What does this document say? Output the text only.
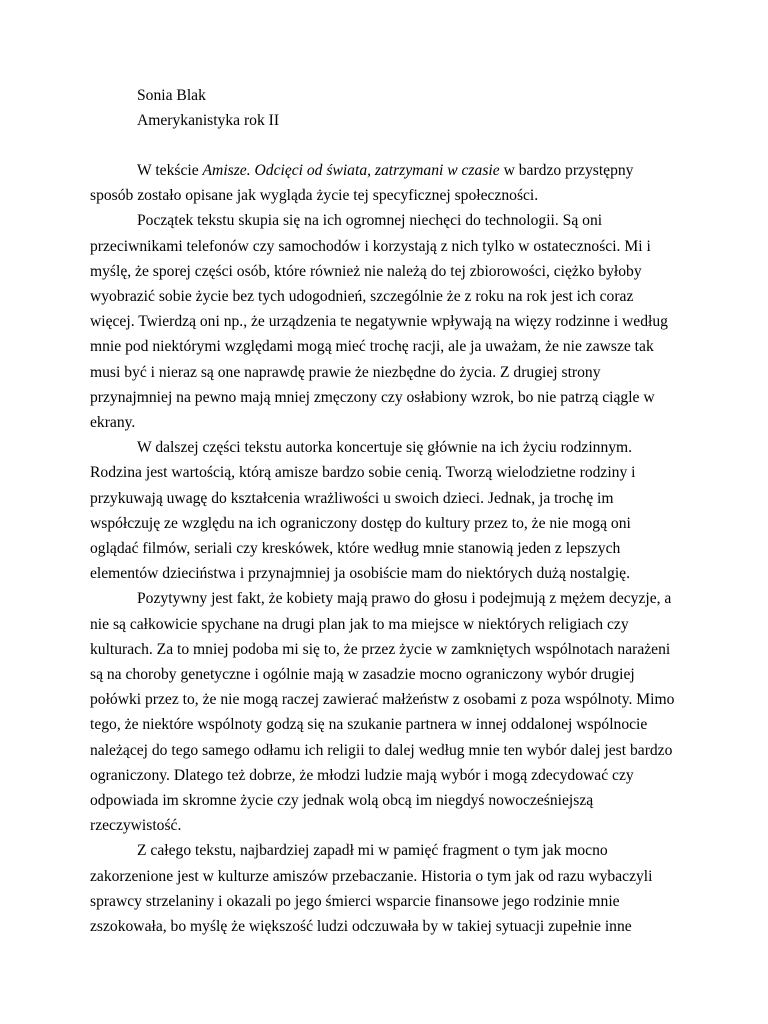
Sonia Blak
Amerykanistyka rok II
W tekście Amisze. Odcięci od świata, zatrzymani w czasie w bardzo przystępny
sposób zostało opisane jak wygląda życie tej specyficznej społeczności.
Początek tekstu skupia się na ich ogromnej niechęci do technologii. Są oni
przeciwnikami telefonów czy samochodów i korzystają z nich tylko w ostateczności. Mi i
myślę, że sporej części osób, które również nie należą do tej zbiorowości, ciężko byłoby
wyobrazić sobie życie bez tych udogodnień, szczególnie że z roku na rok jest ich coraz
więcej. Twierdzą oni np., że urządzenia te negatywnie wpływają na więzy rodzinne i według
mnie pod niektórymi względami mogą mieć trochę racji, ale ja uważam, że nie zawsze tak
musi być i nieraz są one naprawdę prawie że niezbędne do życia. Z drugiej strony
przynajmniej na pewno mają mniej zmęczony czy osłabiony wzrok, bo nie patrzą ciągle w
ekrany.
W dalszej części tekstu autorka koncertuje się głównie na ich życiu rodzinnym.
Rodzina jest wartością, którą amisze bardzo sobie cenią. Tworzą wielodzietne rodziny i
przykuwają uwagę do kształcenia wrażliwości u swoich dzieci. Jednak, ja trochę im
współczuję ze względu na ich ograniczony dostęp do kultury przez to, że nie mogą oni
oglądać filmów, seriali czy kreskówek, które według mnie stanowią jeden z lepszych
elementów dzieciństwa i przynajmniej ja osobiście mam do niektórych dużą nostalgię.
Pozytywny jest fakt, że kobiety mają prawo do głosu i podejmują z mężem decyzje, a
nie są całkowicie spychane na drugi plan jak to ma miejsce w niektórych religiach czy
kulturach. Za to mniej podoba mi się to, że przez życie w zamkniętych wspólnotach narażeni
są na choroby genetyczne i ogólnie mają w zasadzie mocno ograniczony wybór drugiej
połówki przez to, że nie mogą raczej zawierać małżeństw z osobami z poza wspólnoty. Mimo
tego, że niektóre wspólnoty godzą się na szukanie partnera w innej oddalonej wspólnocie
należącej do tego samego odłamu ich religii to dalej według mnie ten wybór dalej jest bardzo
ograniczony. Dlatego też dobrze, że młodzi ludzie mają wybór i mogą zdecydować czy
odpowiada im skromne życie czy jednak wolą obcą im niegdyś nowocześniejszą
rzeczywistość.
Z całego tekstu, najbardziej zapadł mi w pamięć fragment o tym jak mocno
zakorzenione jest w kulturze amiszów przebaczanie. Historia o tym jak od razu wybaczyli
sprawcy strzelaniny i okazali po jego śmierci wsparcie finansowe jego rodzinie mnie
zszokowała, bo myślę że większość ludzi odczuwała by w takiej sytuacji zupełnie inne
